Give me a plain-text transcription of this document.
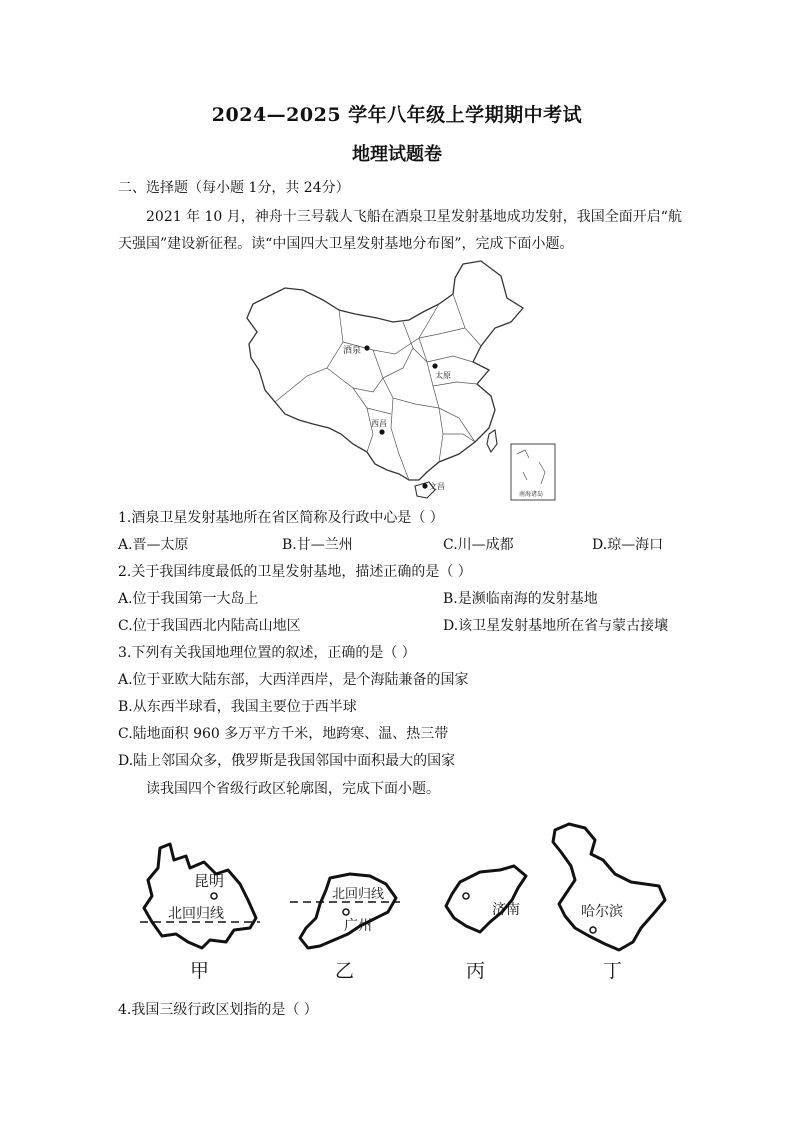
2024—2025 学年八年级上学期期中考试
地理试题卷
二、选择题（每小题 1分，共 24分）
2021 年 10 月，神舟十三号载人飞船在酒泉卫星发射基地成功发射，我国全面开启“航
天强国”建设新征程。读“中国四大卫星发射基地分布图”，完成下面小题。
酒泉
太原
西昌
文昌
南海诸岛
1.酒泉卫星发射基地所在省区简称及行政中心是（ ）
A.晋—太原	B.甘—兰州	C.川—成都	D.琼—海口
2.关于我国纬度最低的卫星发射基地，描述正确的是（ ）
A.位于我国第一大岛上	B.是濒临南海的发射基地
C.位于我国西北内陆高山地区	D.该卫星发射基地所在省与蒙古接壤
3.下列有关我国地理位置的叙述，正确的是（ ）
A.位于亚欧大陆东部，大西洋西岸，是个海陆兼备的国家
B.从东西半球看，我国主要位于西半球
C.陆地面积 960 多万平方千米，地跨寒、温、热三带
D.陆上邻国众多，俄罗斯是我国邻国中面积最大的国家
读我国四个省级行政区轮廓图，完成下面小题。
昆明
北回归线
甲
北回归线
广州
乙
济南
丙
哈尔滨
丁
4.我国三级行政区划指的是（ ）
